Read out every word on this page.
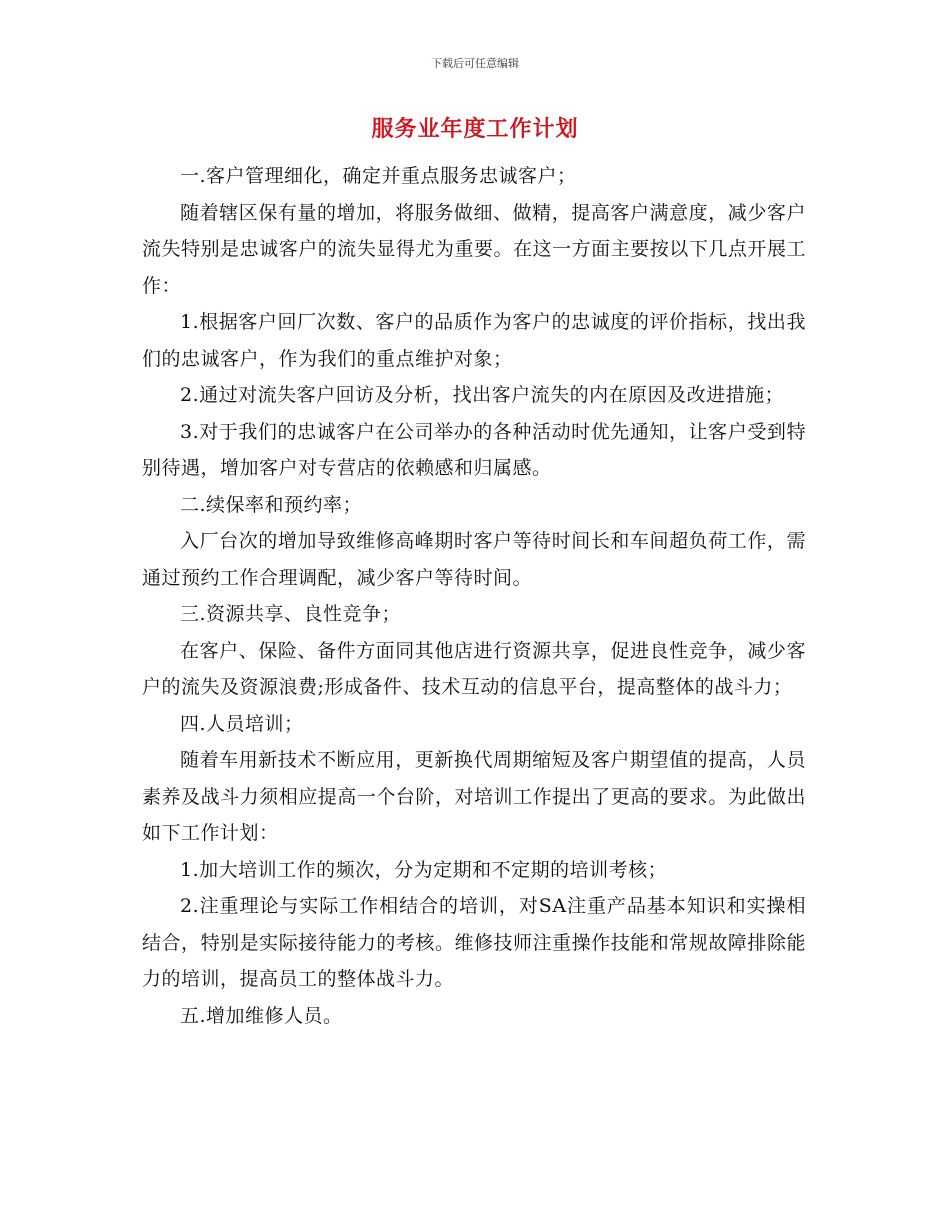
下载后可任意编辑
服务业年度工作计划

一.客户管理细化，确定并重点服务忠诚客户；

随着辖区保有量的增加，将服务做细、做精，提高客户满意度，减少客户流失特别是忠诚客户的流失显得尤为重要。在这一方面主要按以下几点开展工作：

1.根据客户回厂次数、客户的品质作为客户的忠诚度的评价指标，找出我们的忠诚客户，作为我们的重点维护对象；

2.通过对流失客户回访及分析，找出客户流失的内在原因及改进措施；

3.对于我们的忠诚客户在公司举办的各种活动时优先通知，让客户受到特别待遇，增加客户对专营店的依赖感和归属感。

二.续保率和预约率；

入厂台次的增加导致维修高峰期时客户等待时间长和车间超负荷工作，需通过预约工作合理调配，减少客户等待时间。

三.资源共享、良性竞争；

在客户、保险、备件方面同其他店进行资源共享，促进良性竞争，减少客户的流失及资源浪费;形成备件、技术互动的信息平台，提高整体的战斗力；

四.人员培训；

随着车用新技术不断应用，更新换代周期缩短及客户期望值的提高，人员素养及战斗力须相应提高一个台阶，对培训工作提出了更高的要求。为此做出如下工作计划：

1.加大培训工作的频次，分为定期和不定期的培训考核；

2.注重理论与实际工作相结合的培训，对SA注重产品基本知识和实操相结合，特别是实际接待能力的考核。维修技师注重操作技能和常规故障排除能力的培训，提高员工的整体战斗力。

五.增加维修人员。
